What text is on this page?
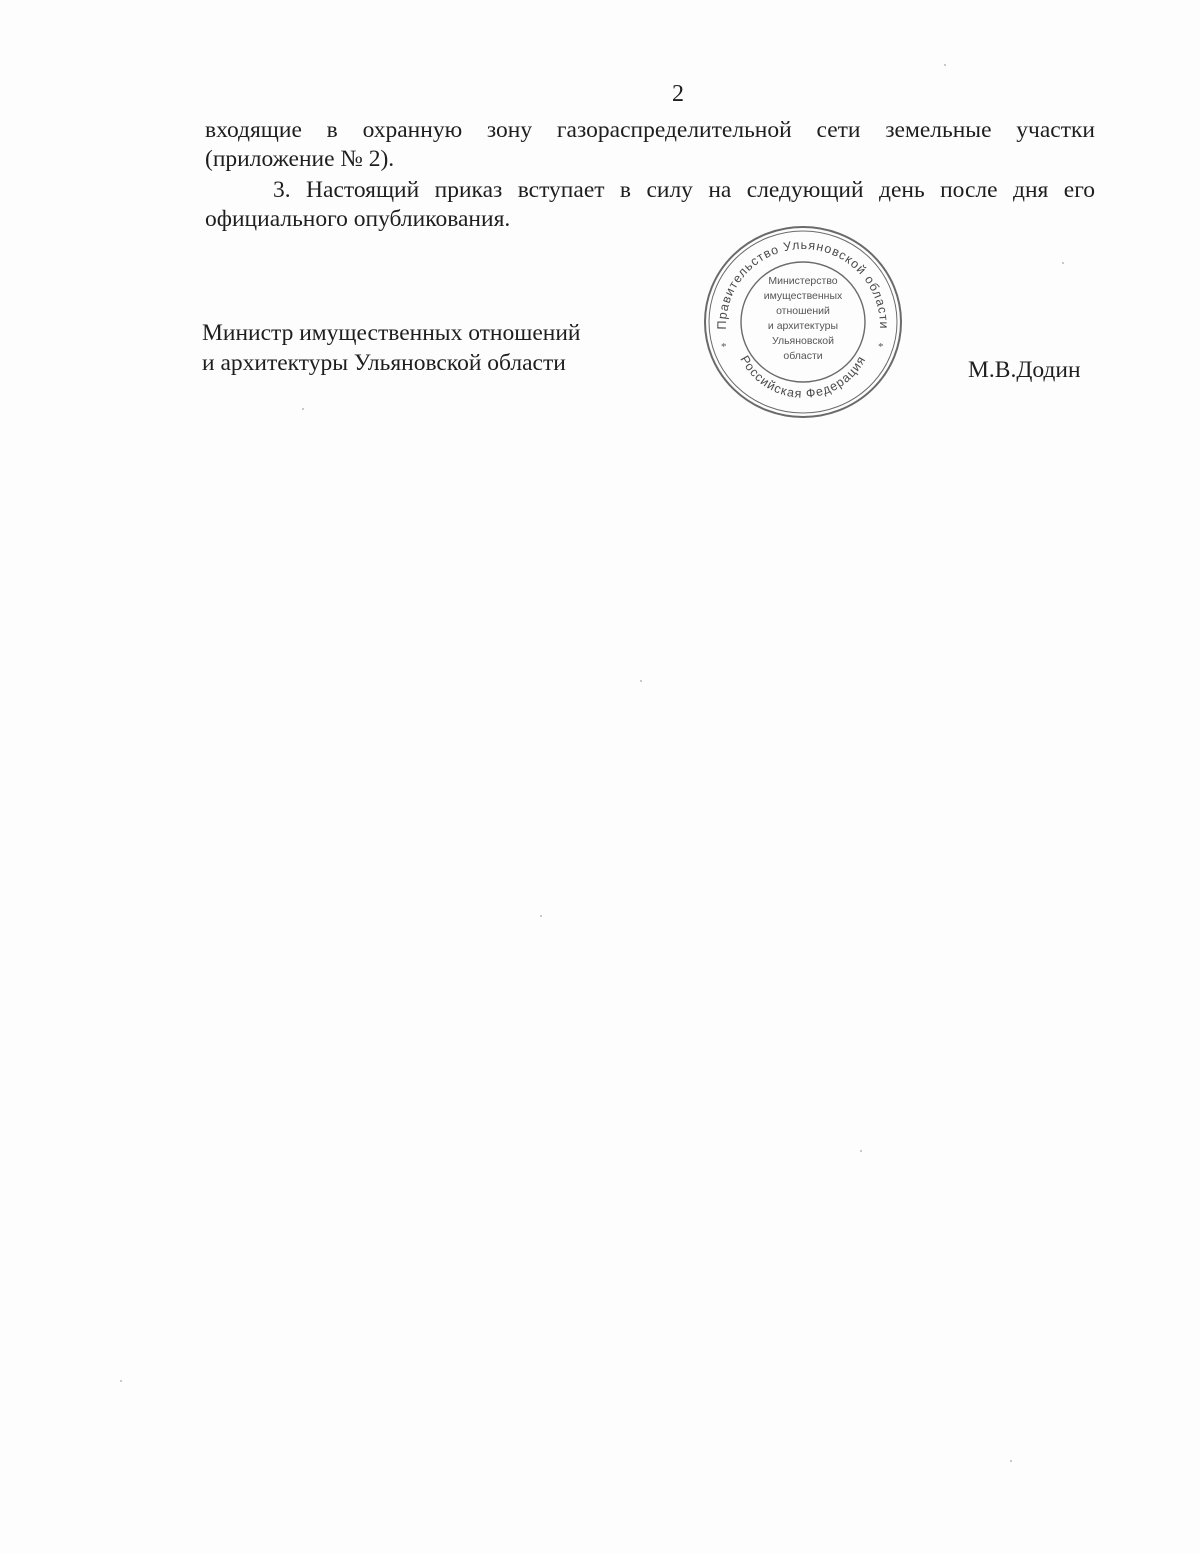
2
входящие в охранную зону газораспределительной сети земельные участки (приложение № 2).
3. Настоящий приказ вступает в силу на следующий день после дня его официального опубликования.
Министр имущественных отношений
и архитектуры Ульяновской области
Правительство Ульяновской области
Российская Федерация
*	*
Министерство
имущественных
отношений
и архитектуры
Ульяновской
области
М.В.Додин
